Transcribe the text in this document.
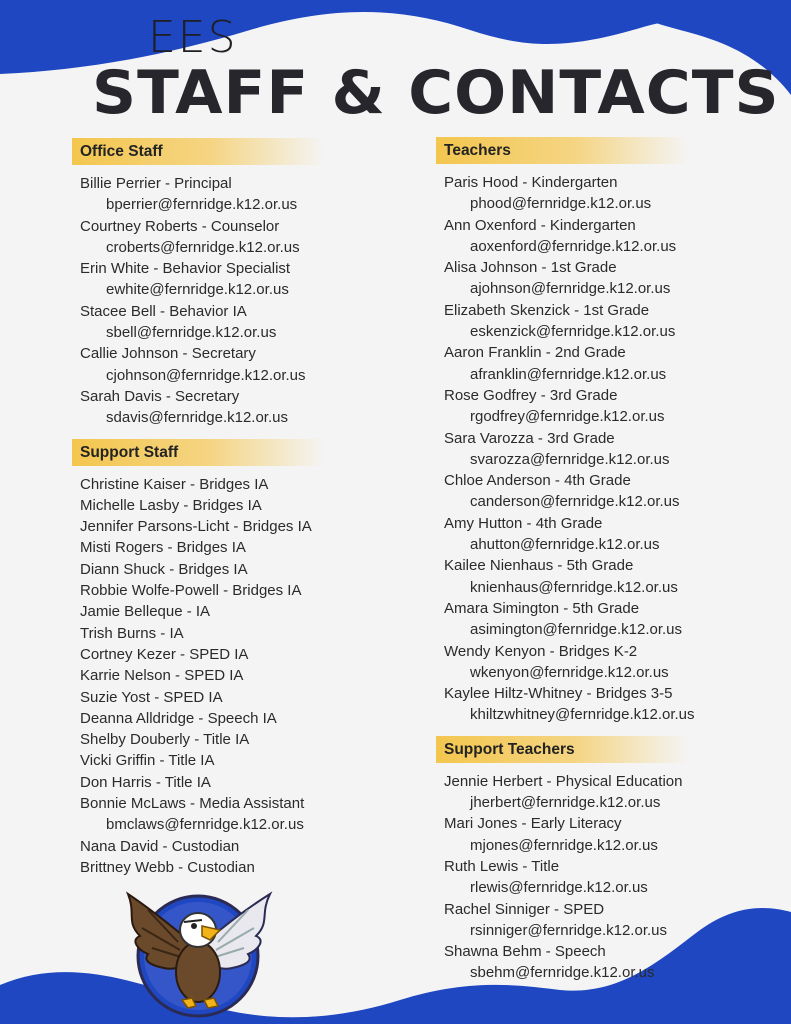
EES
STAFF & CONTACTS
Office Staff
Billie Perrier - Principal
bperrier@fernridge.k12.or.us
Courtney Roberts - Counselor
croberts@fernridge.k12.or.us
Erin White - Behavior Specialist
ewhite@fernridge.k12.or.us
Stacee Bell - Behavior IA
sbell@fernridge.k12.or.us
Callie Johnson - Secretary
cjohnson@fernridge.k12.or.us
Sarah Davis - Secretary
sdavis@fernridge.k12.or.us
Support Staff
Christine Kaiser - Bridges IA
Michelle Lasby - Bridges IA
Jennifer Parsons-Licht - Bridges IA
Misti Rogers - Bridges IA
Diann Shuck - Bridges IA
Robbie Wolfe-Powell - Bridges IA
Jamie Belleque - IA
Trish Burns - IA
Cortney Kezer - SPED IA
Karrie Nelson - SPED IA
Suzie Yost - SPED IA
Deanna Alldridge - Speech IA
Shelby Douberly - Title IA
Vicki Griffin - Title IA
Don Harris - Title IA
Bonnie McLaws - Media Assistant
bmclaws@fernridge.k12.or.us
Nana David - Custodian
Brittney Webb - Custodian
Teachers
Paris Hood - Kindergarten
phood@fernridge.k12.or.us
Ann Oxenford - Kindergarten
aoxenford@fernridge.k12.or.us
Alisa Johnson - 1st Grade
ajohnson@fernridge.k12.or.us
Elizabeth Skenzick - 1st Grade
eskenzick@fernridge.k12.or.us
Aaron Franklin - 2nd Grade
afranklin@fernridge.k12.or.us
Rose Godfrey - 3rd Grade
rgodfrey@fernridge.k12.or.us
Sara Varozza - 3rd Grade
svarozza@fernridge.k12.or.us
Chloe Anderson - 4th Grade
canderson@fernridge.k12.or.us
Amy Hutton - 4th Grade
ahutton@fernridge.k12.or.us
Kailee Nienhaus - 5th Grade
knienhaus@fernridge.k12.or.us
Amara Simington - 5th Grade
asimington@fernridge.k12.or.us
Wendy Kenyon - Bridges K-2
wkenyon@fernridge.k12.or.us
Kaylee Hiltz-Whitney - Bridges 3-5
khiltzwhitney@fernridge.k12.or.us
Support Teachers
Jennie Herbert - Physical Education
jherbert@fernridge.k12.or.us
Mari Jones - Early Literacy
mjones@fernridge.k12.or.us
Ruth Lewis - Title
rlewis@fernridge.k12.or.us
Rachel Sinniger - SPED
rsinniger@fernridge.k12.or.us
Shawna Behm - Speech
sbehm@fernridge.k12.or.us
